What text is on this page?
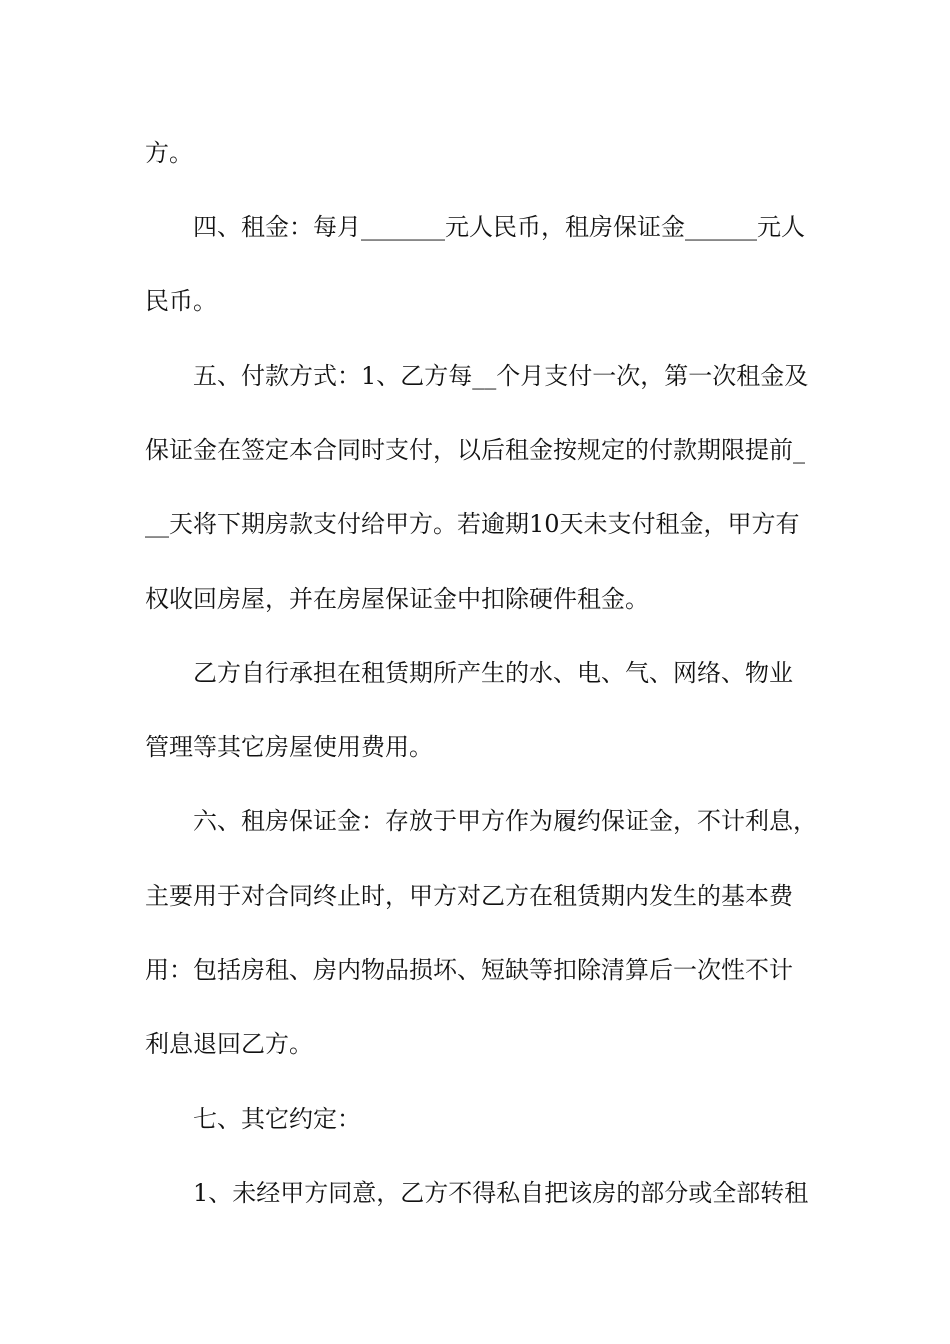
方。

四、租金：每月_______元人民币，租房保证金______元人

民币。

五、付款方式：1、乙方每__个月支付一次，第一次租金及

保证金在签定本合同时支付，以后租金按规定的付款期限提前_

__天将下期房款支付给甲方。若逾期10天未支付租金，甲方有

权收回房屋，并在房屋保证金中扣除硬件租金。

乙方自行承担在租赁期所产生的水、电、气、网络、物业

管理等其它房屋使用费用。

六、租房保证金：存放于甲方作为履约保证金，不计利息，

主要用于对合同终止时，甲方对乙方在租赁期内发生的基本费

用：包括房租、房内物品损坏、短缺等扣除清算后一次性不计

利息退回乙方。

七、其它约定：

1、未经甲方同意，乙方不得私自把该房的部分或全部转租
